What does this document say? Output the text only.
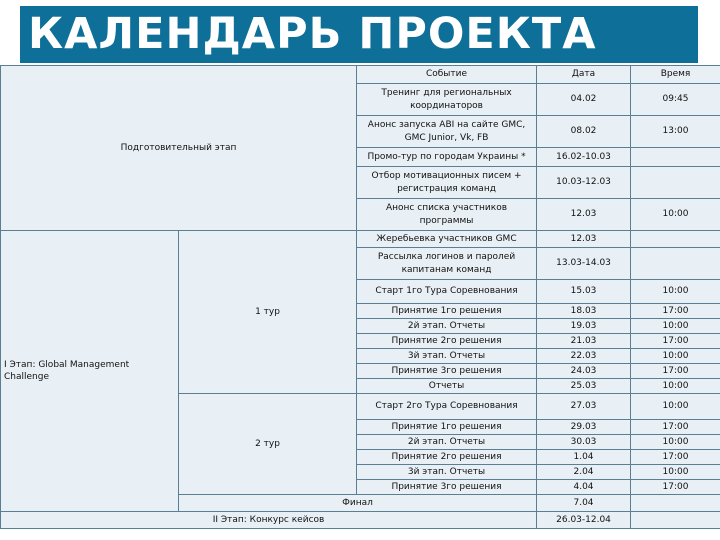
КАЛЕНДАРЬ ПРОЕКТА
Подготовительный этап		Событие	Дата	Время
		Тренинг для региональных координаторов	04.02	09:45
		Анонс запуска ABI на сайте GMC, GMC Junior, Vk, FB	08.02	13:00
		Промо-тур по городам Украины *	16.02-10.03	
		Отбор мотивационных писем + регистрация команд	10.03-12.03	
		Анонс списка участников программы	12.03	10:00
I Этап: Global Management Challenge	1 тур	Жеребьевка участников GMC	12.03	
		Рассылка логинов и паролей капитанам команд	13.03-14.03	
		Старт 1го Тура Соревнования	15.03	10:00
		Принятие 1го решения	18.03	17:00
		2й этап. Отчеты	19.03	10:00
		Принятие 2го решения	21.03	17:00
		3й этап. Отчеты	22.03	10:00
		Принятие 3го решения	24.03	17:00
		Отчеты	25.03	10:00
	2 тур	Старт 2го Тура Соревнования	27.03	10:00
		Принятие 1го решения	29.03	17:00
		2й этап. Отчеты	30.03	10:00
		Принятие 2го решения	1.04	17:00
		3й этап. Отчеты	2.04	10:00
		Принятие 3го решения	4.04	17:00
	Финал		7.04	
II Этап: Конкурс кейсов			26.03-12.04	
